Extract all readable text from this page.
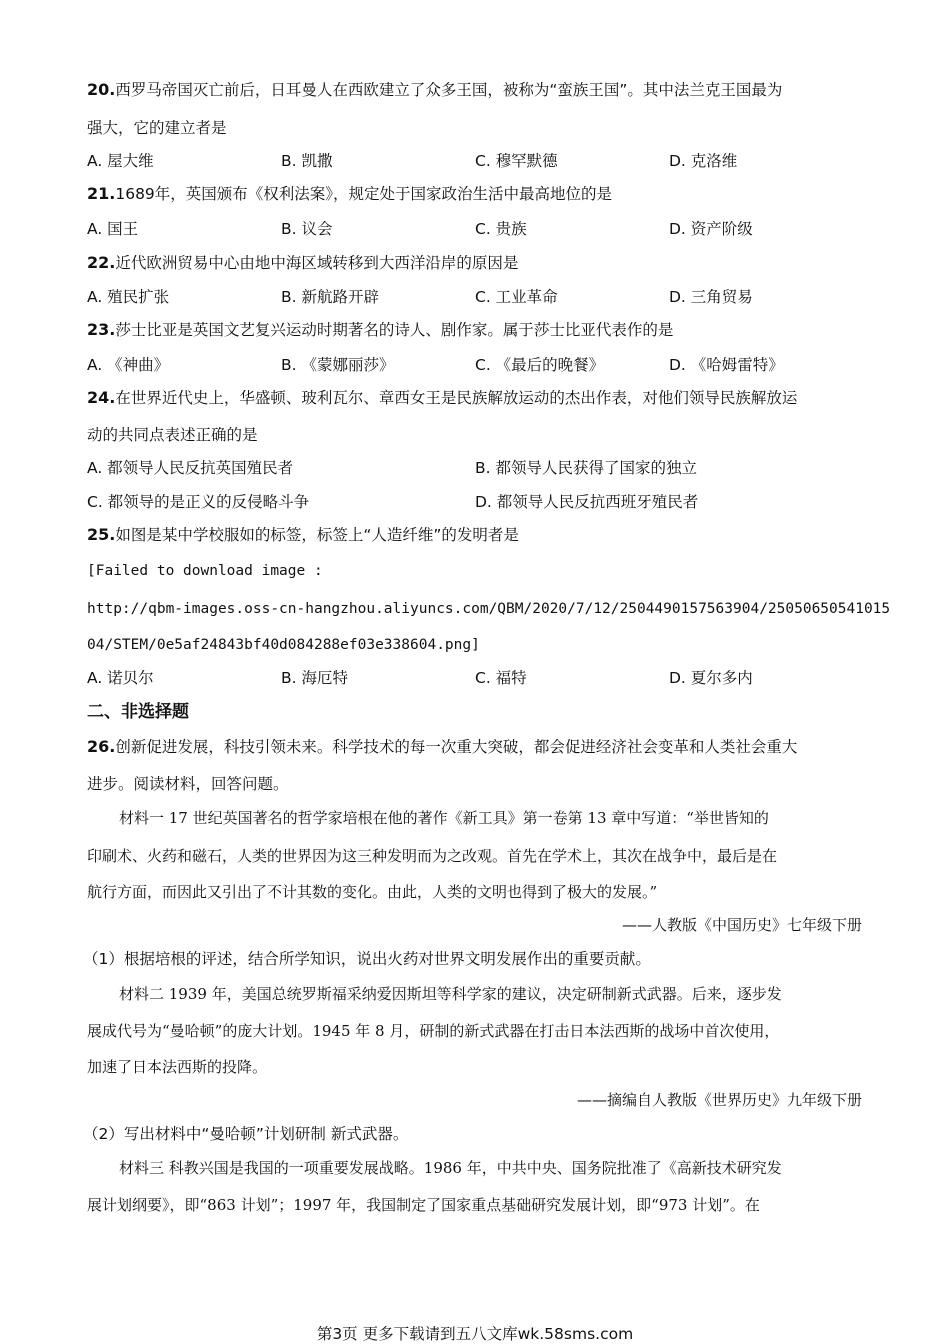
20.西罗马帝国灭亡前后，日耳曼人在西欧建立了众多王国，被称为“蛮族王国”。其中法兰克王国最为
强大，它的建立者是
A. 屋大维	B. 凯撒	C. 穆罕默德	D. 克洛维
21.1689年，英国颁布《权利法案》，规定处于国家政治生活中最高地位的是
A. 国王	B. 议会	C. 贵族	D. 资产阶级
22.近代欧洲贸易中心由地中海区域转移到大西洋沿岸的原因是
A. 殖民扩张	B. 新航路开辟	C. 工业革命	D. 三角贸易
23.莎士比亚是英国文艺复兴运动时期著名的诗人、剧作家。属于莎士比亚代表作的是
A. 《神曲》	B. 《蒙娜丽莎》	C. 《最后的晚餐》	D. 《哈姆雷特》
24.在世界近代史上，华盛顿、玻利瓦尔、章西女王是民族解放运动的杰出作表，对他们领导民族解放运
动的共同点表述正确的是
A. 都领导人民反抗英国殖民者	B. 都领导人民获得了国家的独立
C. 都领导的是正义的反侵略斗争	D. 都领导人民反抗西班牙殖民者
25.如图是某中学校服如的标签，标签上“人造纤维”的发明者是
[Failed to download image :
http://qbm-images.oss-cn-hangzhou.aliyuncs.com/QBM/2020/7/12/2504490157563904/25050650541015
04/STEM/0e5af24843bf40d084288ef03e338604.png]
A. 诺贝尔	B. 海厄特	C. 福特	D. 夏尔多内
二、非选择题
26.创新促进发展，科技引领未来。科学技术的每一次重大突破，都会促进经济社会变革和人类社会重大
进步。阅读材料，回答问题。
材料一 17 世纪英国著名的哲学家培根在他的著作《新工具》第一卷第 13 章中写道：“举世皆知的
印刷术、火药和磁石，人类的世界因为这三种发明而为之改观。首先在学术上，其次在战争中，最后是在
航行方面，而因此又引出了不计其数的变化。由此，人类的文明也得到了极大的发展。”
——人教版《中国历史》七年级下册
（1）根据培根的评述，结合所学知识，说出火药对世界文明发展作出的重要贡献。
材料二 1939 年，美国总统罗斯福采纳爱因斯坦等科学家的建议，决定研制新式武器。后来，逐步发
展成代号为“曼哈顿”的庞大计划。1945 年 8 月，研制的新式武器在打击日本法西斯的战场中首次使用，
加速了日本法西斯的投降。
——摘编自人教版《世界历史》九年级下册
（2）写出材料中“曼哈顿”计划研制 新式武器。
材料三 科教兴国是我国的一项重要发展战略。1986 年，中共中央、国务院批准了《高新技术研究发
展计划纲要》，即“863 计划”；1997 年，我国制定了国家重点基础研究发展计划，即“973 计划”。在
第3页 更多下载请到五八文库wk.58sms.com
